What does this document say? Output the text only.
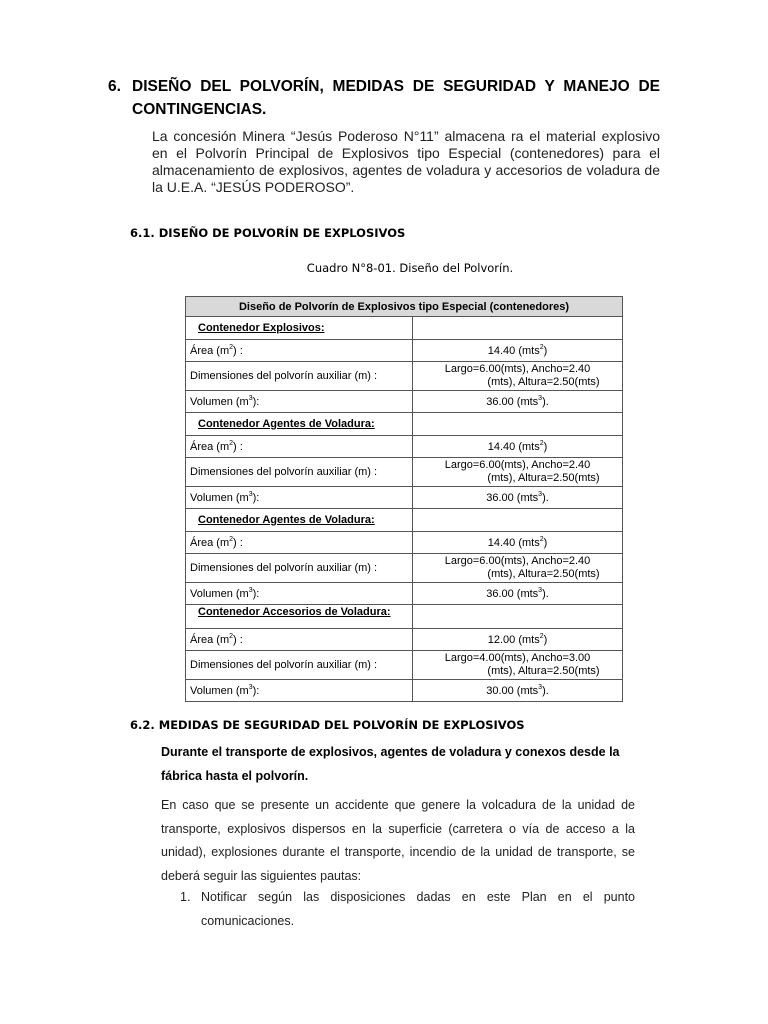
6. DISEÑO DEL POLVORÍN, MEDIDAS DE SEGURIDAD Y MANEJO DE
CONTINGENCIAS.
La concesión Minera “Jesús Poderoso N°11” almacena ra el material explosivo en el Polvorín Principal de Explosivos tipo Especial (contenedores) para el almacenamiento de explosivos, agentes de voladura y accesorios de voladura de la U.E.A. “JESÚS PODEROSO”.
6.1. DISEÑO DE POLVORÍN DE EXPLOSIVOS
Cuadro N°8-01. Diseño del Polvorín.
Diseño de Polvorín de Explosivos tipo Especial (contenedores)	
Contenedor Explosivos:	
Área $(m^2)$ :	14.40 (mts$^2$)
Dimensiones del polvorín auxiliar (m) :	Largo=6.00(mts), Ancho=2.40
(mts), Altura=2.50(mts)

Volumen $(m^3)$:	36.00 (mts$^3$).
Contenedor Agentes de Voladura:	
Área $(m^2)$ :	14.40 (mts$^2$)
Dimensiones del polvorín auxiliar (m) :	Largo=6.00(mts), Ancho=2.40
(mts), Altura=2.50(mts)

Volumen $(m^3)$:	36.00 (mts$^3$).
Contenedor Agentes de Voladura:	
Área $(m^2)$ :	14.40 (mts$^2$)
Dimensiones del polvorín auxiliar (m) :	Largo=6.00(mts), Ancho=2.40
(mts), Altura=2.50(mts)

Volumen $(m^3)$:	36.00 (mts$^3$).
Contenedor Accesorios de Voladura:	
Área $(m^2)$ :	12.00 (mts$^2$)
Dimensiones del polvorín auxiliar (m) :	Largo=4.00(mts), Ancho=3.00
(mts), Altura=2.50(mts)

Volumen $(m^3)$:	30.00 (mts$^3$).
6.2. MEDIDAS DE SEGURIDAD DEL POLVORÍN DE EXPLOSIVOS
Durante el transporte de explosivos, agentes de voladura y conexos desde la fábrica hasta el polvorín.
En caso que se presente un accidente que genere la volcadura de la unidad de transporte, explosivos dispersos en la superficie (carretera o vía de acceso a la unidad), explosiones durante el transporte, incendio de la unidad de transporte, se deberá seguir las siguientes pautas:
1. Notificar según las disposiciones dadas en este Plan en el punto comunicaciones.
